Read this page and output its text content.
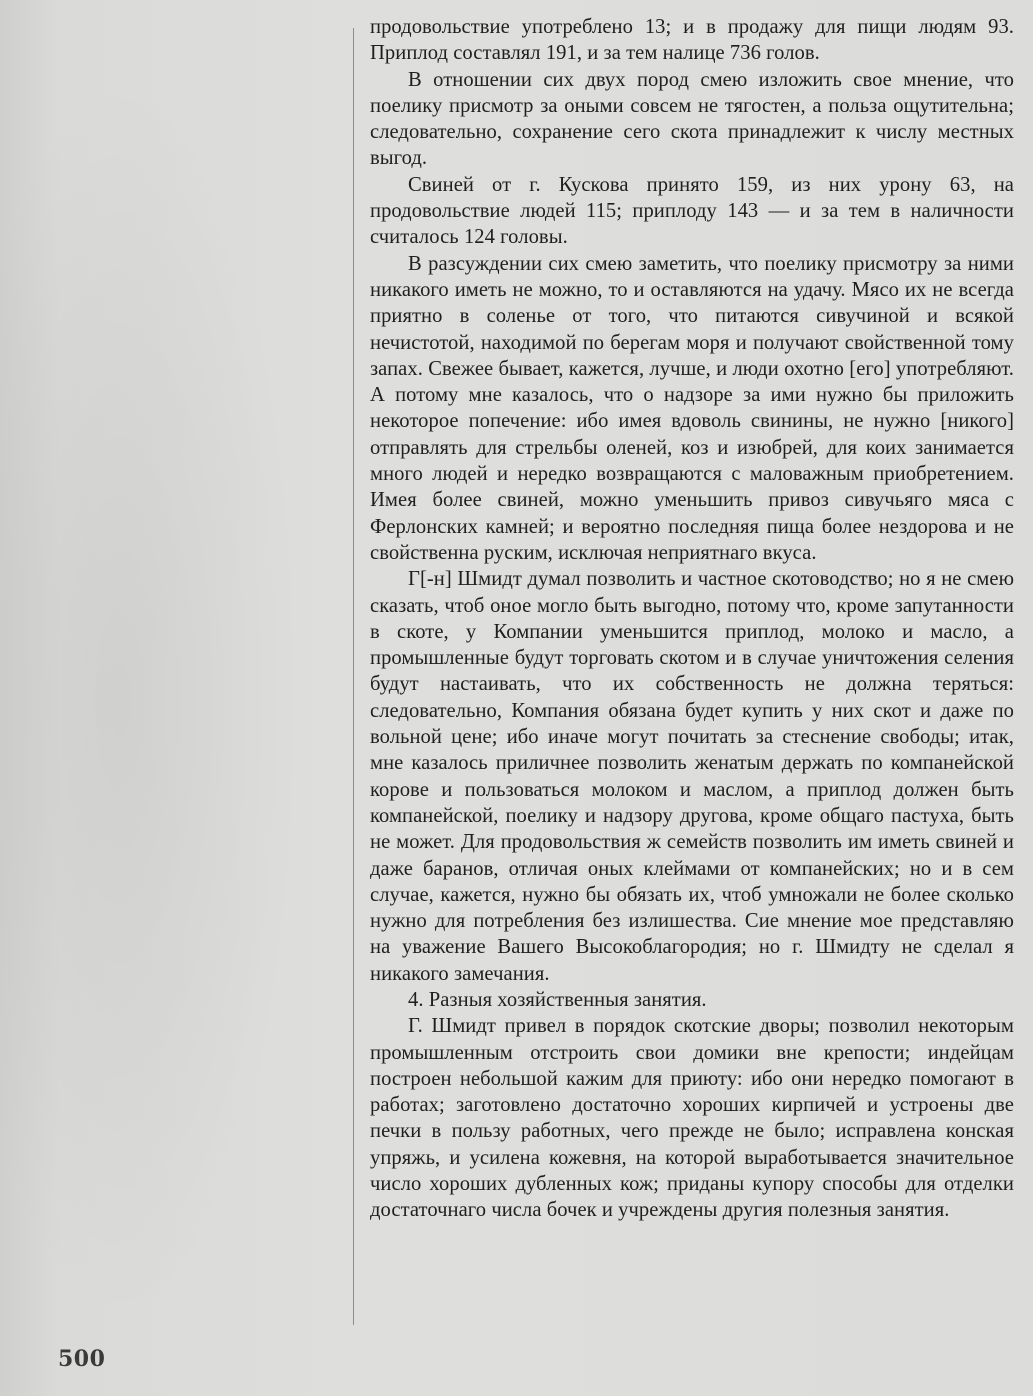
продовольствие употреблено 13; и в продажу для пищи людям 93. Приплод составлял 191, и за тем налице 736 голов.

В отношении сих двух пород смею изложить свое мнение, что поелику присмотр за оными совсем не тягостен, а польза ощутительна; следовательно, сохранение сего скота принадлежит к числу местных выгод.

Свиней от г. Кускова принято 159, из них урону 63, на продовольствие людей 115; приплоду 143 — и за тем в наличности считалось 124 головы.

В разсуждении сих смею заметить, что поелику присмотру за ними никакого иметь не можно, то и оставляются на удачу. Мясо их не всегда приятно в соленье от того, что питаются сивучиной и всякой нечистотой, находимой по берегам моря и получают свойственной тому запах. Свежее бывает, кажется, лучше, и люди охотно [его] употребляют. А потому мне казалось, что о надзоре за ими нужно бы приложить некоторое попечение: ибо имея вдоволь свинины, не нужно [никого] отправлять для стрельбы оленей, коз и изюбрей, для коих занимается много людей и нередко возвращаются с маловажным приобретением. Имея более свиней, можно уменьшить привоз сивучьяго мяса с Ферлонских камней; и вероятно последняя пища более нездорова и не свойственна руским, исключая неприятнаго вкуса.

Г[-н] Шмидт думал позволить и частное скотоводство; но я не смею сказать, чтоб оное могло быть выгодно, потому что, кроме запутанности в скоте, у Компании уменьшится приплод, молоко и масло, а промышленные будут торговать скотом и в случае уничтожения селения будут настаивать, что их собственность не должна теряться: следовательно, Компания обязана будет купить у них скот и даже по вольной цене; ибо иначе могут почитать за стеснение свободы; итак, мне казалось приличнее позволить женатым держать по компанейской корове и пользоваться молоком и маслом, а приплод должен быть компанейской, поелику и надзору другова, кроме общаго пастуха, быть не может. Для продовольствия ж семейств позволить им иметь свиней и даже баранов, отличая оных клеймами от компанейских; но и в сем случае, кажется, нужно бы обязать их, чтоб умножали не более сколько нужно для потребления без излишества. Сие мнение мое представляю на уважение Вашего Высокоблагородия; но г. Шмидту не сделал я никакого замечания.

4. Разныя хозяйственныя занятия.

Г. Шмидт привел в порядок скотские дворы; позволил некоторым промышленным отстроить свои домики вне крепости; индейцам построен небольшой кажим для приюту: ибо они нередко помогают в работах; заготовлено достаточно хороших кирпичей и устроены две печки в пользу работных, чего прежде не было; исправлена конская упряжь, и усилена кожевня, на которой выработывается значительное число хороших дубленных кож; приданы купору способы для отделки достаточнаго числа бочек и учреждены другия полезныя занятия.

500
